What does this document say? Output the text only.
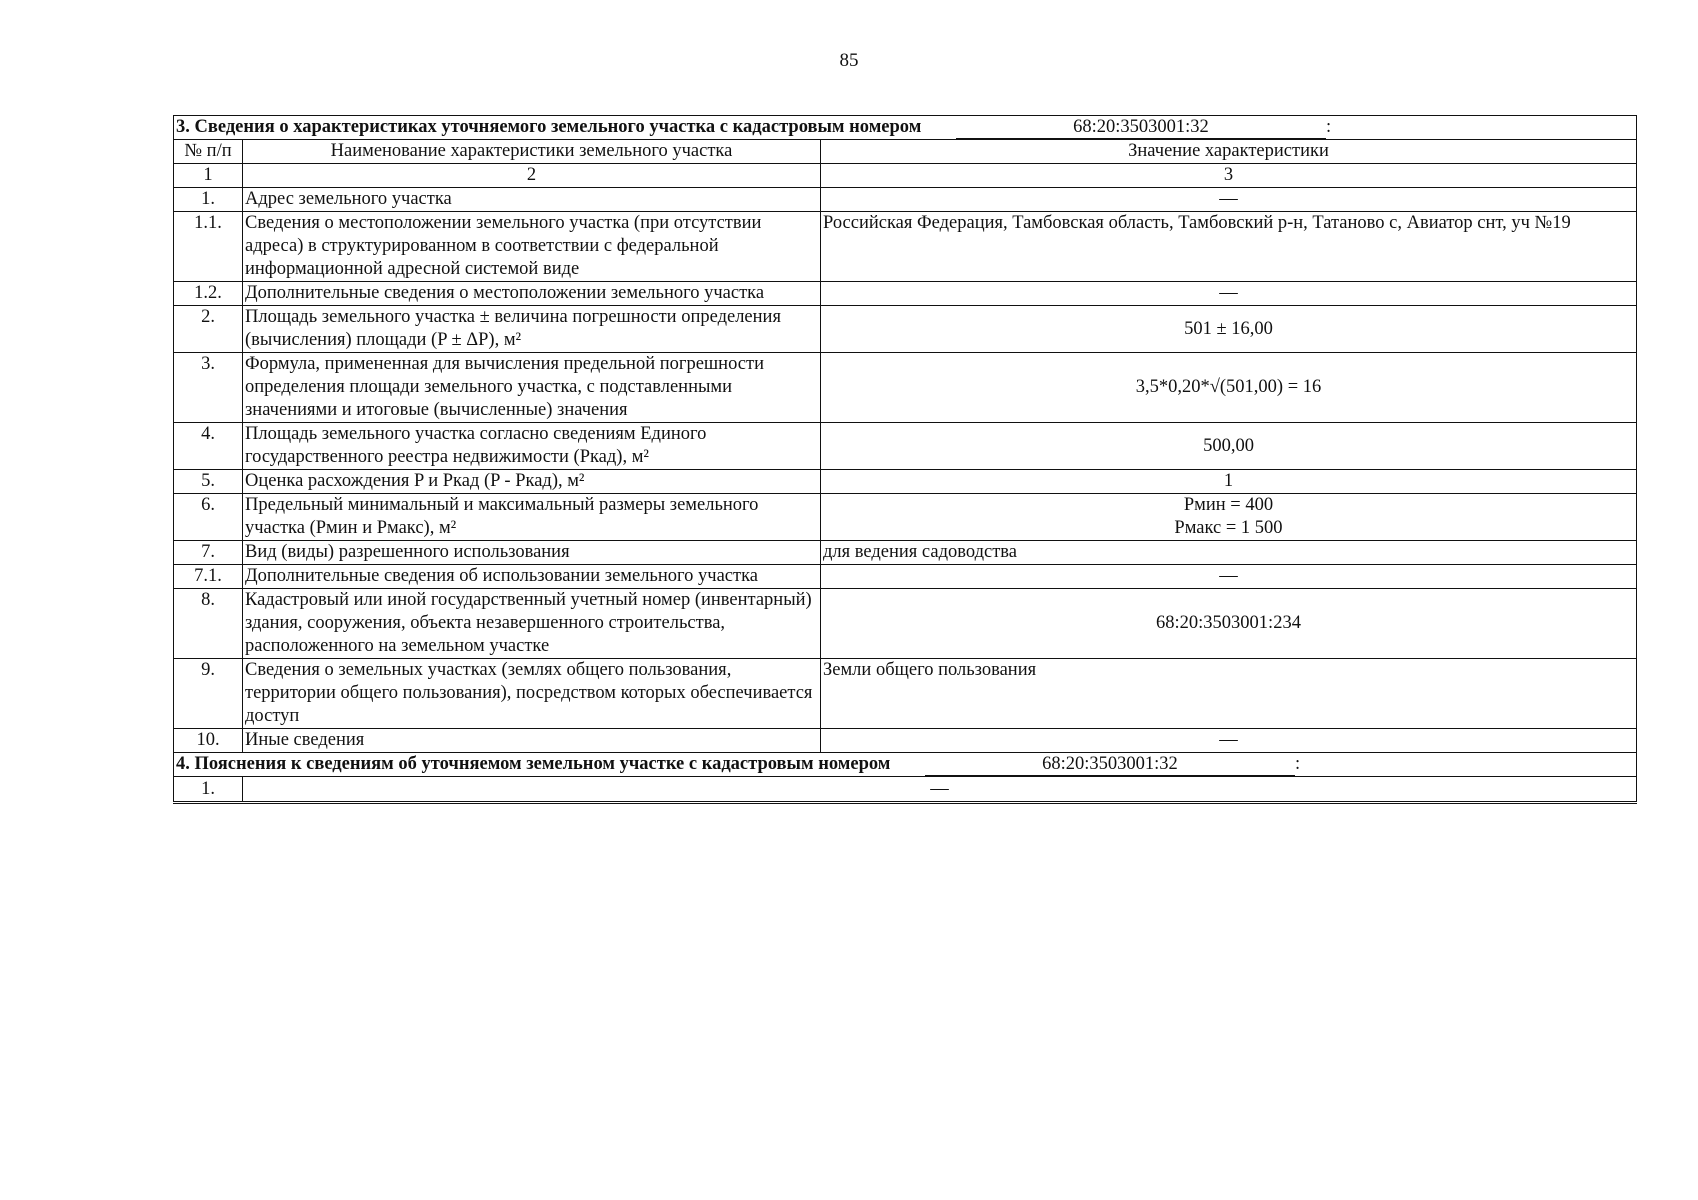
85
3. Сведения о характеристиках уточняемого земельного участка с кадастровым номером 68:20:3503001:32 :		
№ п/п	Наименование характеристики земельного участка	Значение характеристики
1	2	3
1.	Адрес земельного участка	—
1.1.	Сведения о местоположении земельного участка (при отсутствии адреса) в структурированном в соответствии с федеральной информационной адресной системой виде	Российская Федерация, Тамбовская область, Тамбовский р-н, Татаново с, Авиатор снт, уч №19
1.2.	Дополнительные сведения о местоположении земельного участка	—
2.	Площадь земельного участка ± величина погрешности определения (вычисления) площади (P ± ΔP), м²	501 ± 16,00
3.	Формула, примененная для вычисления предельной погрешности определения площади земельного участка, с подставленными значениями и итоговые (вычисленные) значения	3,5*0,20*√(501,00) = 16
4.	Площадь земельного участка согласно сведениям Единого государственного реестра недвижимости (Pкад), м²	500,00
5.	Оценка расхождения P и Pкад (P - Pкад), м²	1
6.	Предельный минимальный и максимальный размеры земельного участка (Pмин и Pмакс), м²	Pмин = 400
Pмакс = 1 500

7.	Вид (виды) разрешенного использования	для ведения садоводства
7.1.	Дополнительные сведения об использовании земельного участка	—
8.	Кадастровый или иной государственный учетный номер (инвентарный) здания, сооружения, объекта незавершенного строительства, расположенного на земельном участке	68:20:3503001:234
9.	Сведения о земельных участках (землях общего пользования, территории общего пользования), посредством которых обеспечивается доступ	Земли общего пользования
10.	Иные сведения	—
4. Пояснения к сведениям об уточняемом земельном участке с кадастровым номером 68:20:3503001:32 :		
1.	—	
